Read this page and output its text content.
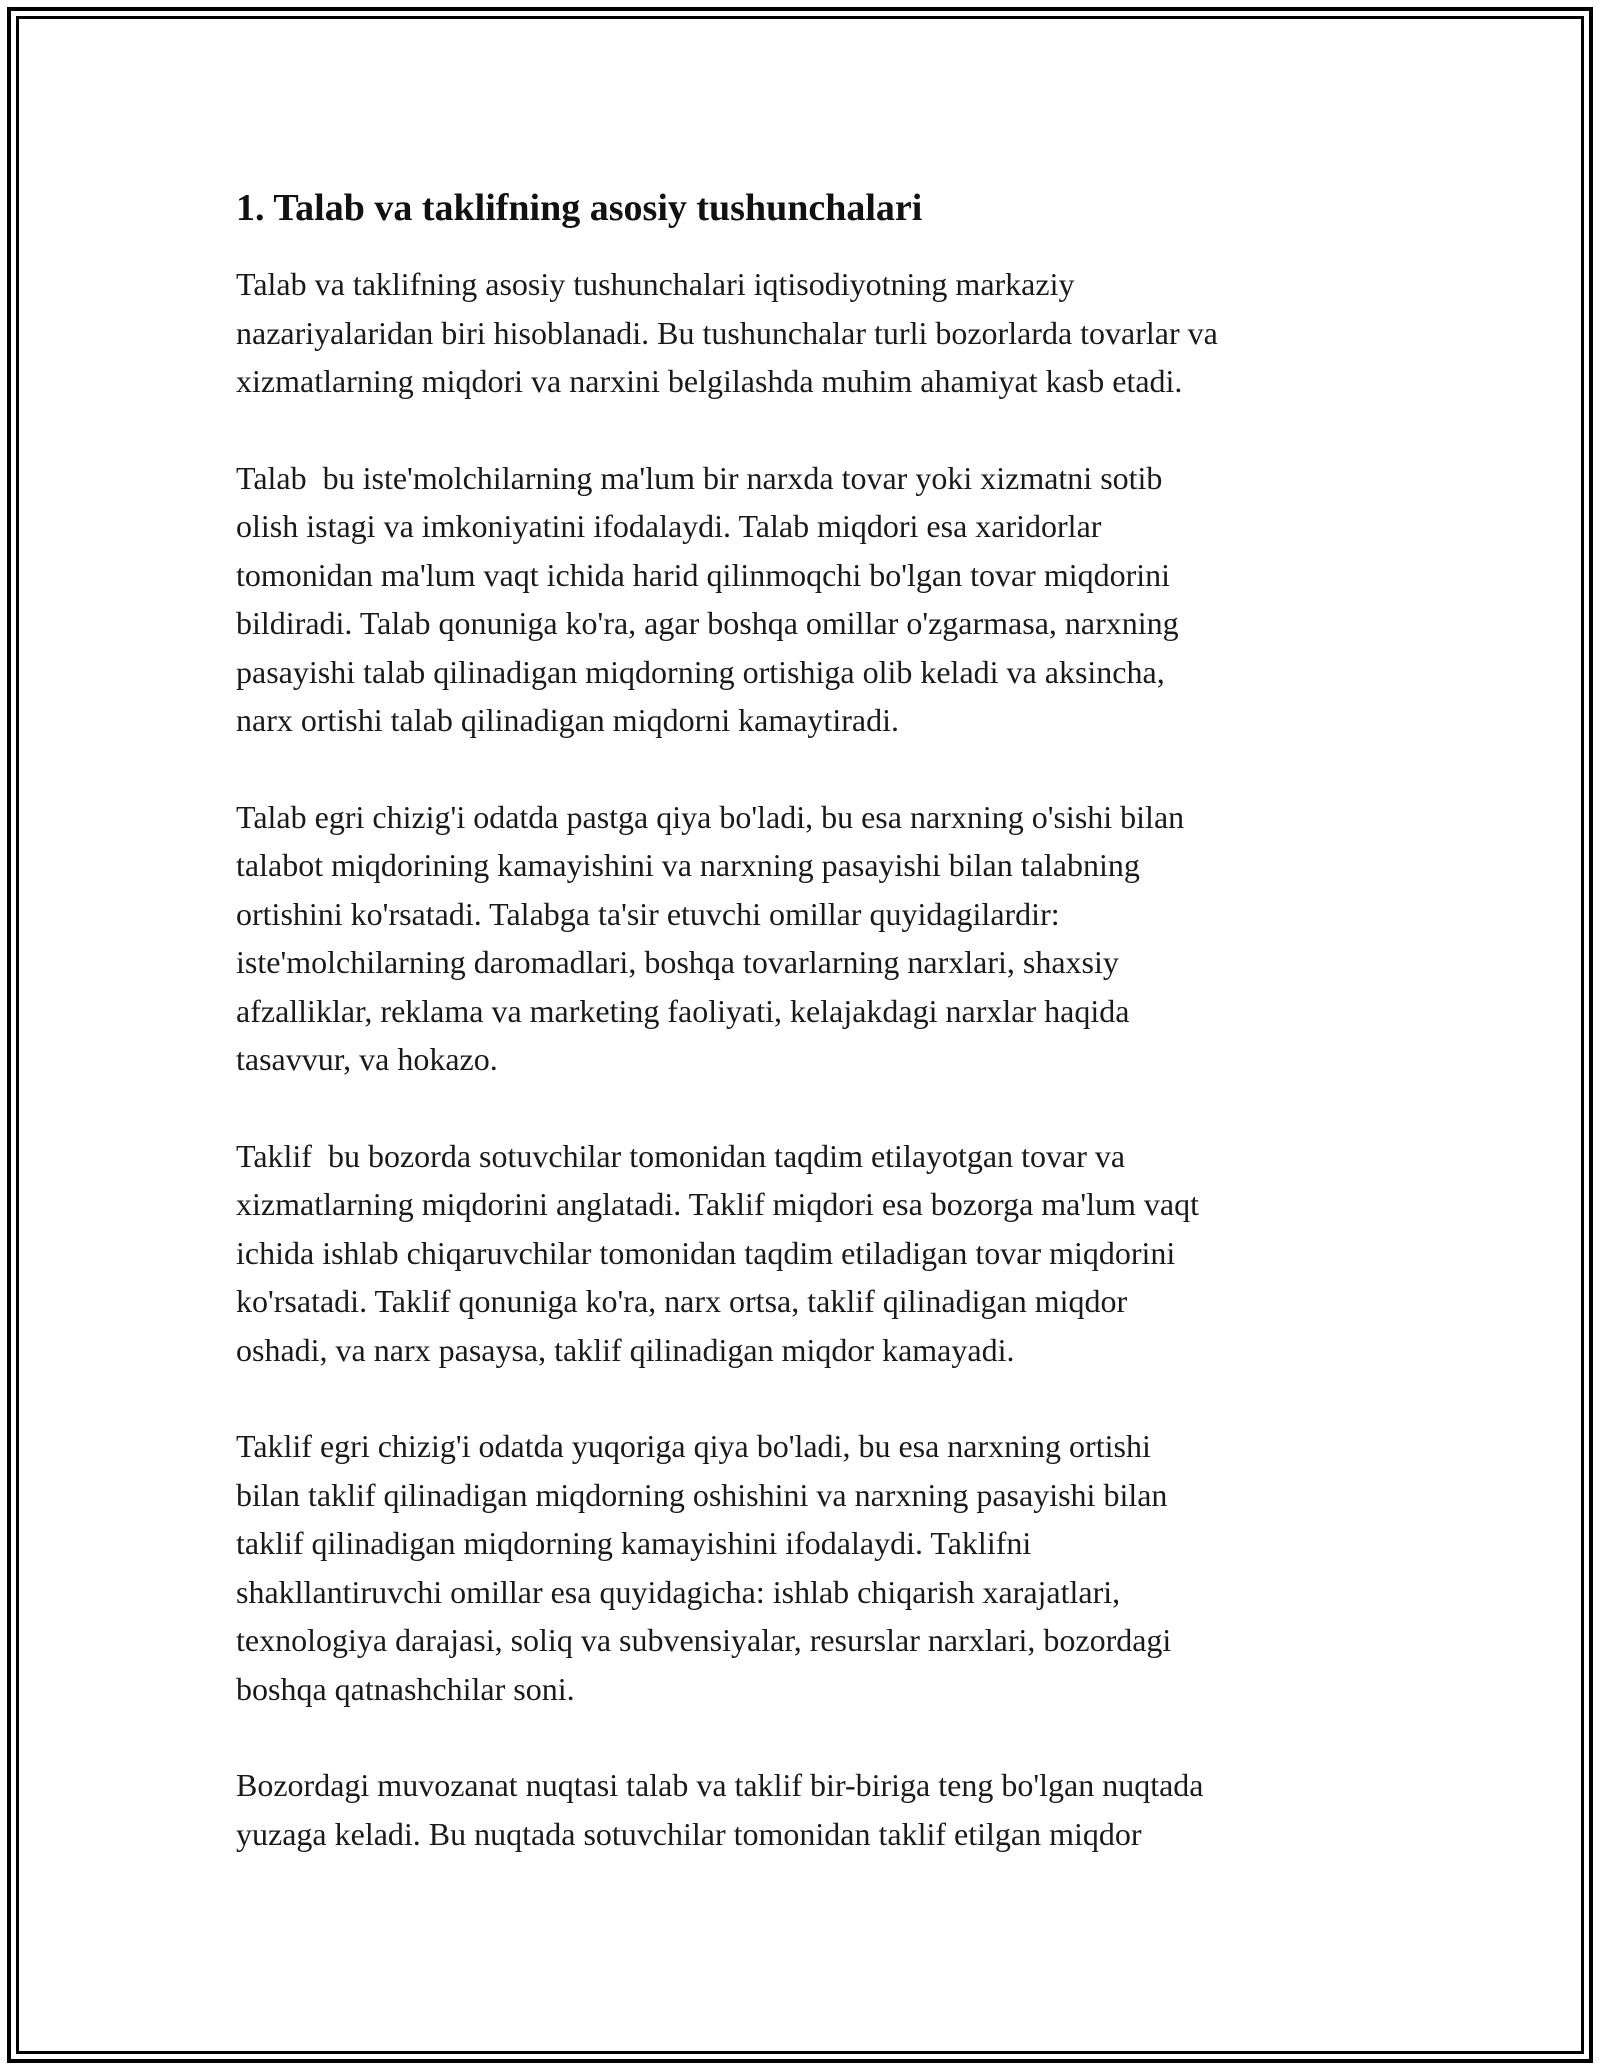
1. Talab va taklifning asosiy tushunchalari

Talab va taklifning asosiy tushunchalari iqtisodiyotning markaziy
nazariyalaridan biri hisoblanadi. Bu tushunchalar turli bozorlarda tovarlar va
xizmatlarning miqdori va narxini belgilashda muhim ahamiyat kasb etadi.

Talab  bu iste'molchilarning ma'lum bir narxda tovar yoki xizmatni sotib
olish istagi va imkoniyatini ifodalaydi. Talab miqdori esa xaridorlar
tomonidan ma'lum vaqt ichida harid qilinmoqchi bo'lgan tovar miqdorini
bildiradi. Talab qonuniga ko'ra, agar boshqa omillar o'zgarmasa, narxning
pasayishi talab qilinadigan miqdorning ortishiga olib keladi va aksincha,
narx ortishi talab qilinadigan miqdorni kamaytiradi.

Talab egri chizig'i odatda pastga qiya bo'ladi, bu esa narxning o'sishi bilan
talabot miqdorining kamayishini va narxning pasayishi bilan talabning
ortishini ko'rsatadi. Talabga ta'sir etuvchi omillar quyidagilardir:
iste'molchilarning daromadlari, boshqa tovarlarning narxlari, shaxsiy
afzalliklar, reklama va marketing faoliyati, kelajakdagi narxlar haqida
tasavvur, va hokazo.

Taklif  bu bozorda sotuvchilar tomonidan taqdim etilayotgan tovar va
xizmatlarning miqdorini anglatadi. Taklif miqdori esa bozorga ma'lum vaqt
ichida ishlab chiqaruvchilar tomonidan taqdim etiladigan tovar miqdorini
ko'rsatadi. Taklif qonuniga ko'ra, narx ortsa, taklif qilinadigan miqdor
oshadi, va narx pasaysa, taklif qilinadigan miqdor kamayadi.

Taklif egri chizig'i odatda yuqoriga qiya bo'ladi, bu esa narxning ortishi
bilan taklif qilinadigan miqdorning oshishini va narxning pasayishi bilan
taklif qilinadigan miqdorning kamayishini ifodalaydi. Taklifni
shakllantiruvchi omillar esa quyidagicha: ishlab chiqarish xarajatlari,
texnologiya darajasi, soliq va subvensiyalar, resurslar narxlari, bozordagi
boshqa qatnashchilar soni.

Bozordagi muvozanat nuqtasi talab va taklif bir-biriga teng bo'lgan nuqtada
yuzaga keladi. Bu nuqtada sotuvchilar tomonidan taklif etilgan miqdor
